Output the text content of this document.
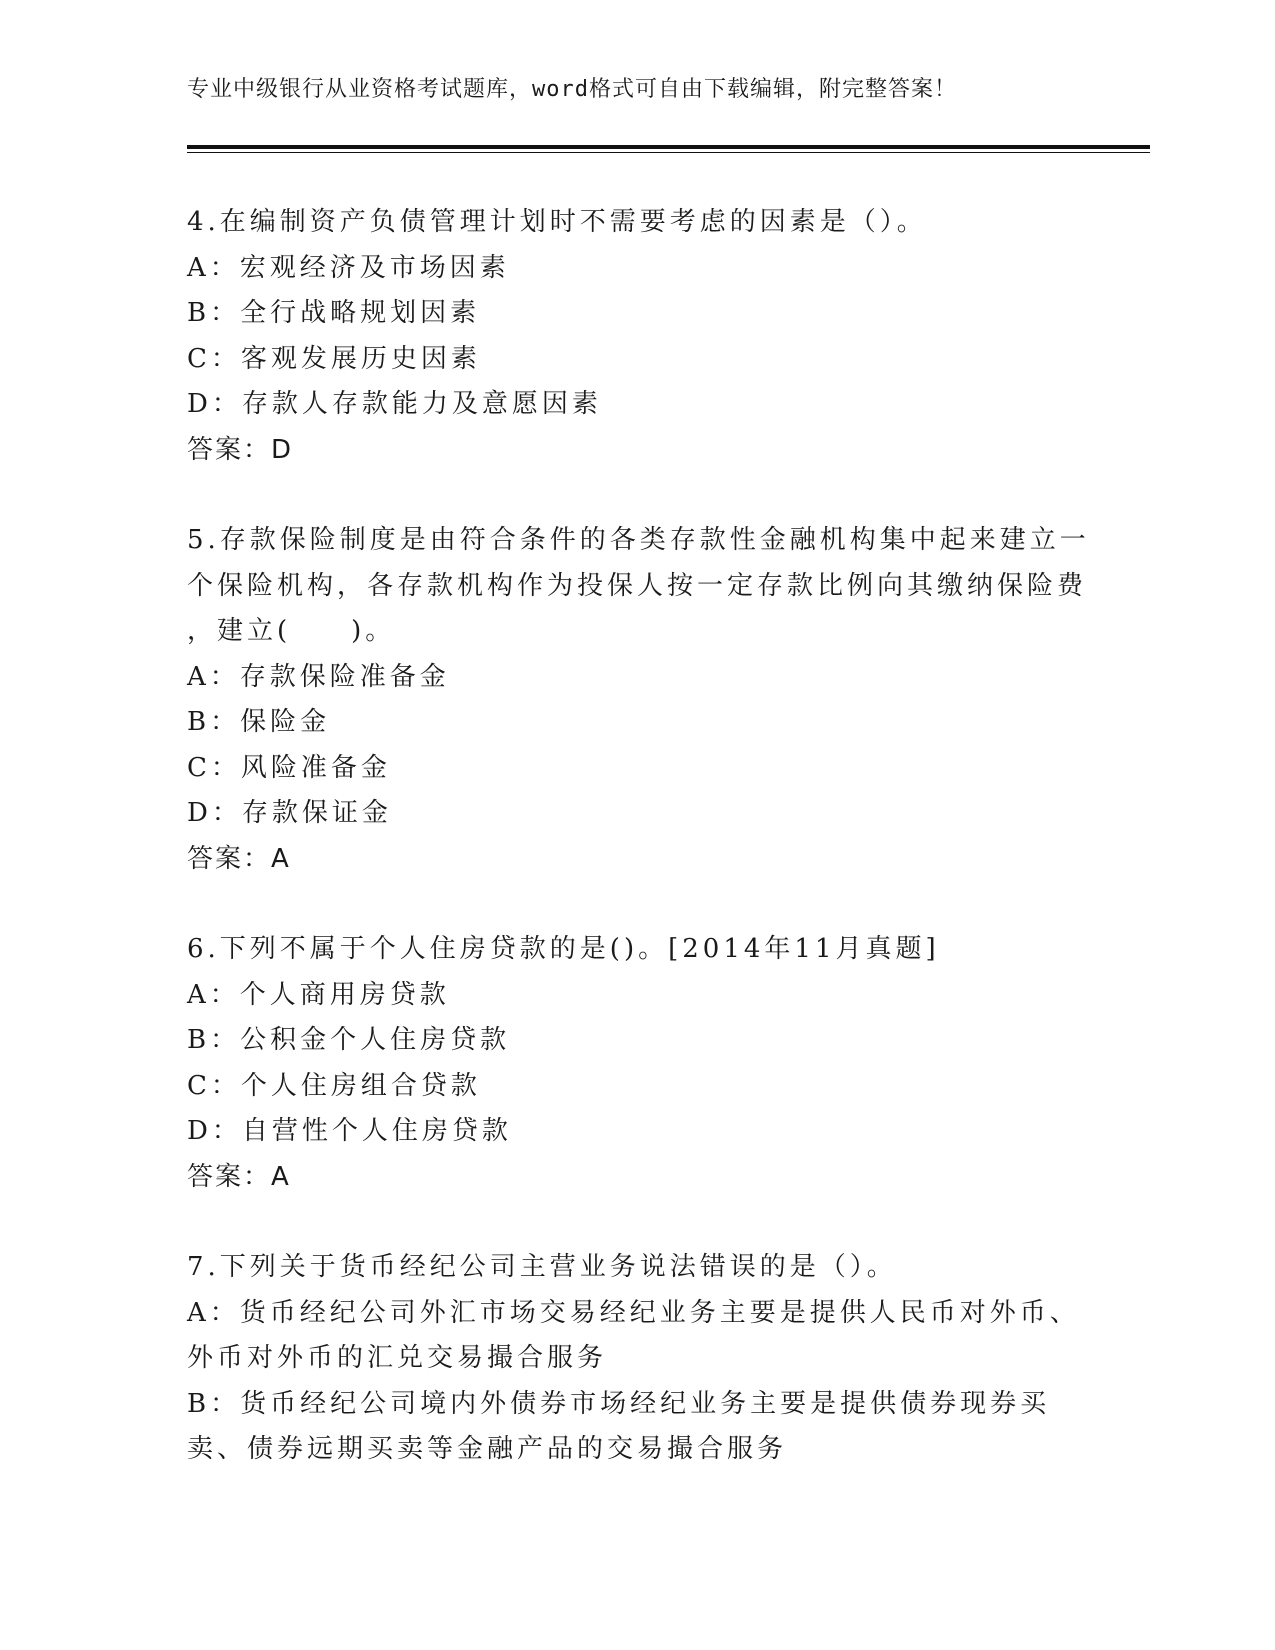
专业中级银行从业资格考试题库，word格式可自由下载编辑，附完整答案！
4.在编制资产负债管理计划时不需要考虑的因素是（）。
A：宏观经济及市场因素
B：全行战略规划因素
C：客观发展历史因素
D：存款人存款能力及意愿因素
答案：D
5.存款保险制度是由符合条件的各类存款性金融机构集中起来建立一
个保险机构，各存款机构作为投保人按一定存款比例向其缴纳保险费
，建立(　　)。
A：存款保险准备金
B：保险金
C：风险准备金
D：存款保证金
答案：A
6.下列不属于个人住房贷款的是()。[2014年11月真题]
A：个人商用房贷款
B：公积金个人住房贷款
C：个人住房组合贷款
D：自营性个人住房贷款
答案：A
7.下列关于货币经纪公司主营业务说法错误的是（）。
A：货币经纪公司外汇市场交易经纪业务主要是提供人民币对外币、外币对外币的汇兑交易撮合服务
B：货币经纪公司境内外债券市场经纪业务主要是提供债券现券买卖、债券远期买卖等金融产品的交易撮合服务
